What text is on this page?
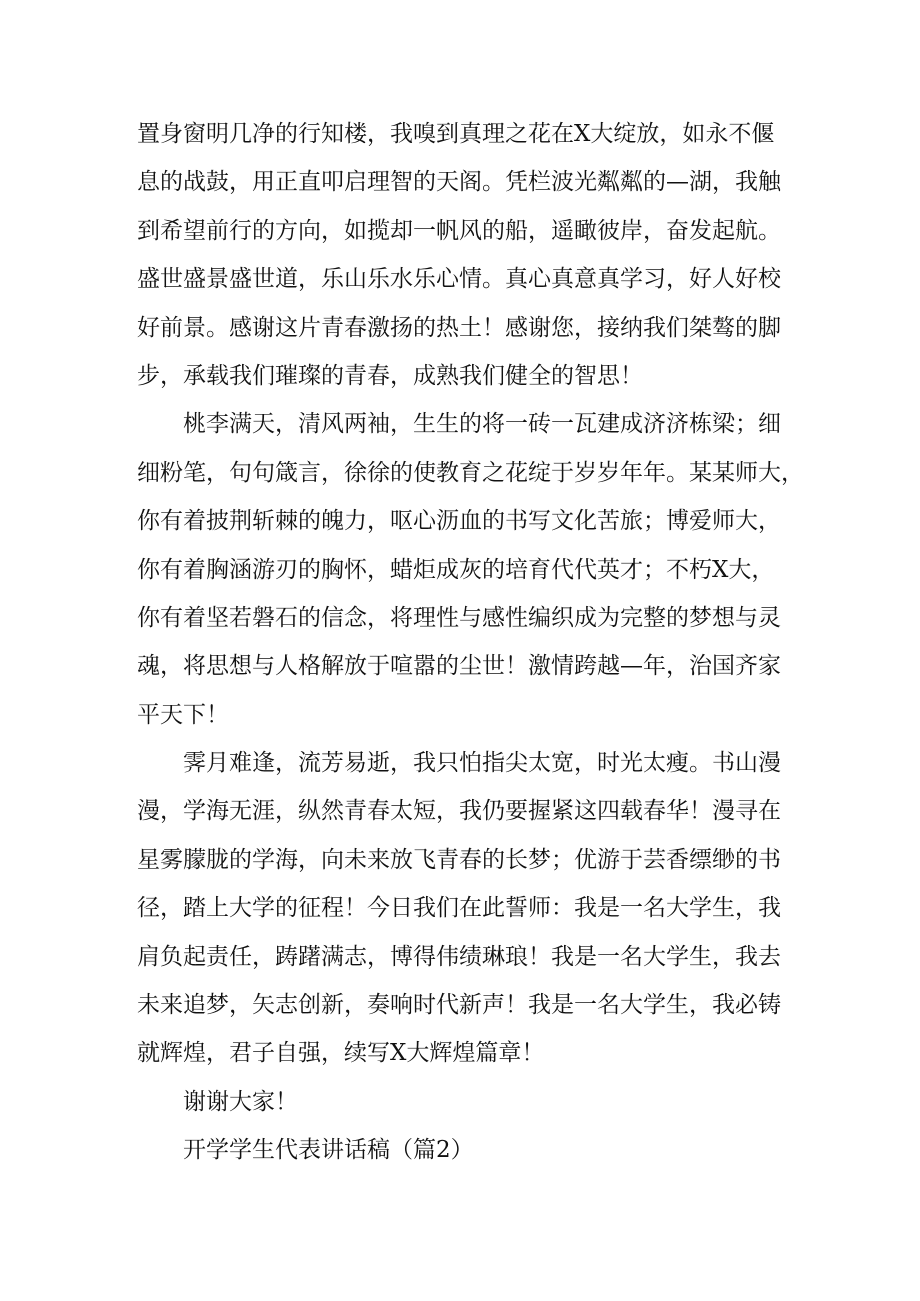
置身窗明几净的行知楼，我嗅到真理之花在X大绽放，如永不偃
息的战鼓，用正直叩启理智的天阁。凭栏波光粼粼的—湖，我触
到希望前行的方向，如揽却一帆风的船，遥瞰彼岸，奋发起航。
盛世盛景盛世道，乐山乐水乐心情。真心真意真学习，好人好校
好前景。感谢这片青春激扬的热土！感谢您，接纳我们桀骜的脚
步，承载我们璀璨的青春，成熟我们健全的智思！
桃李满天，清风两袖，生生的将一砖一瓦建成济济栋梁；细
细粉笔，句句箴言，徐徐的使教育之花绽于岁岁年年。某某师大，
你有着披荆斩棘的魄力，呕心沥血的书写文化苦旅；博爱师大，
你有着胸涵游刃的胸怀，蜡炬成灰的培育代代英才；不朽X大，
你有着坚若磐石的信念，将理性与感性编织成为完整的梦想与灵
魂，将思想与人格解放于喧嚣的尘世！激情跨越—年，治国齐家
平天下！
霁月难逢，流芳易逝，我只怕指尖太宽，时光太瘦。书山漫
漫，学海无涯，纵然青春太短，我仍要握紧这四载春华！漫寻在
星雾朦胧的学海，向未来放飞青春的长梦；优游于芸香缥缈的书
径，踏上大学的征程！今日我们在此誓师：我是一名大学生，我
肩负起责任，踌躇满志，博得伟绩琳琅！我是一名大学生，我去
未来追梦，矢志创新，奏响时代新声！我是一名大学生，我必铸
就辉煌，君子自强，续写X大辉煌篇章！
谢谢大家！
开学学生代表讲话稿（篇2）
